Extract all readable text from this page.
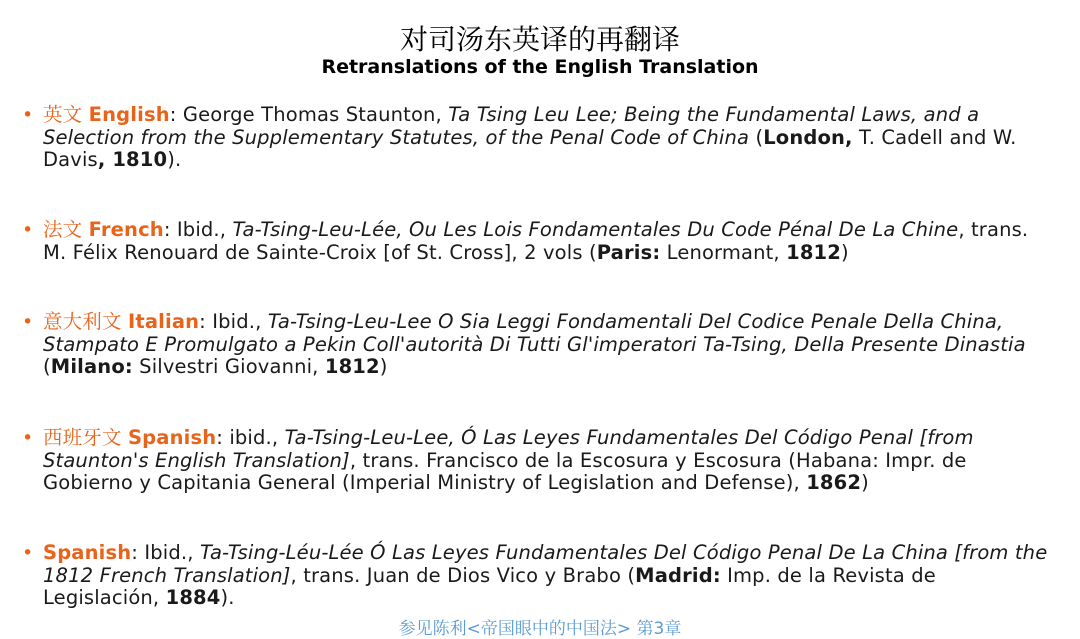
对司汤东英译的再翻译
Retranslations of the English Translation
• 英文 English: George Thomas Staunton, Ta Tsing Leu Lee; Being the Fundamental Laws, and a Selection from the Supplementary Statutes, of the Penal Code of China (London, T. Cadell and W. Davis, 1810).
• 法文 French: Ibid., Ta-Tsing-Leu-Lée, Ou Les Lois Fondamentales Du Code Pénal De La Chine, trans. M. Félix Renouard de Sainte-Croix [of St. Cross], 2 vols (Paris: Lenormant, 1812)
• 意大利文 Italian: Ibid., Ta-Tsing-Leu-Lee O Sia Leggi Fondamentali Del Codice Penale Della China, Stampato E Promulgato a Pekin Coll'autorità Di Tutti Gl'imperatori Ta-Tsing, Della Presente Dinastia (Milano: Silvestri Giovanni, 1812)
• 西班牙文 Spanish: ibid., Ta-Tsing-Leu-Lee, Ó Las Leyes Fundamentales Del Código Penal [from Staunton's English Translation], trans. Francisco de la Escosura y Escosura (Habana: Impr. de Gobierno y Capitania General (Imperial Ministry of Legislation and Defense), 1862)
• Spanish: Ibid., Ta-Tsing-Léu-Lée Ó Las Leyes Fundamentales Del Código Penal De La China [from the 1812 French Translation], trans. Juan de Dios Vico y Brabo (Madrid: Imp. de la Revista de Legislación, 1884).
参见陈利<帝国眼中的中国法> 第3章
